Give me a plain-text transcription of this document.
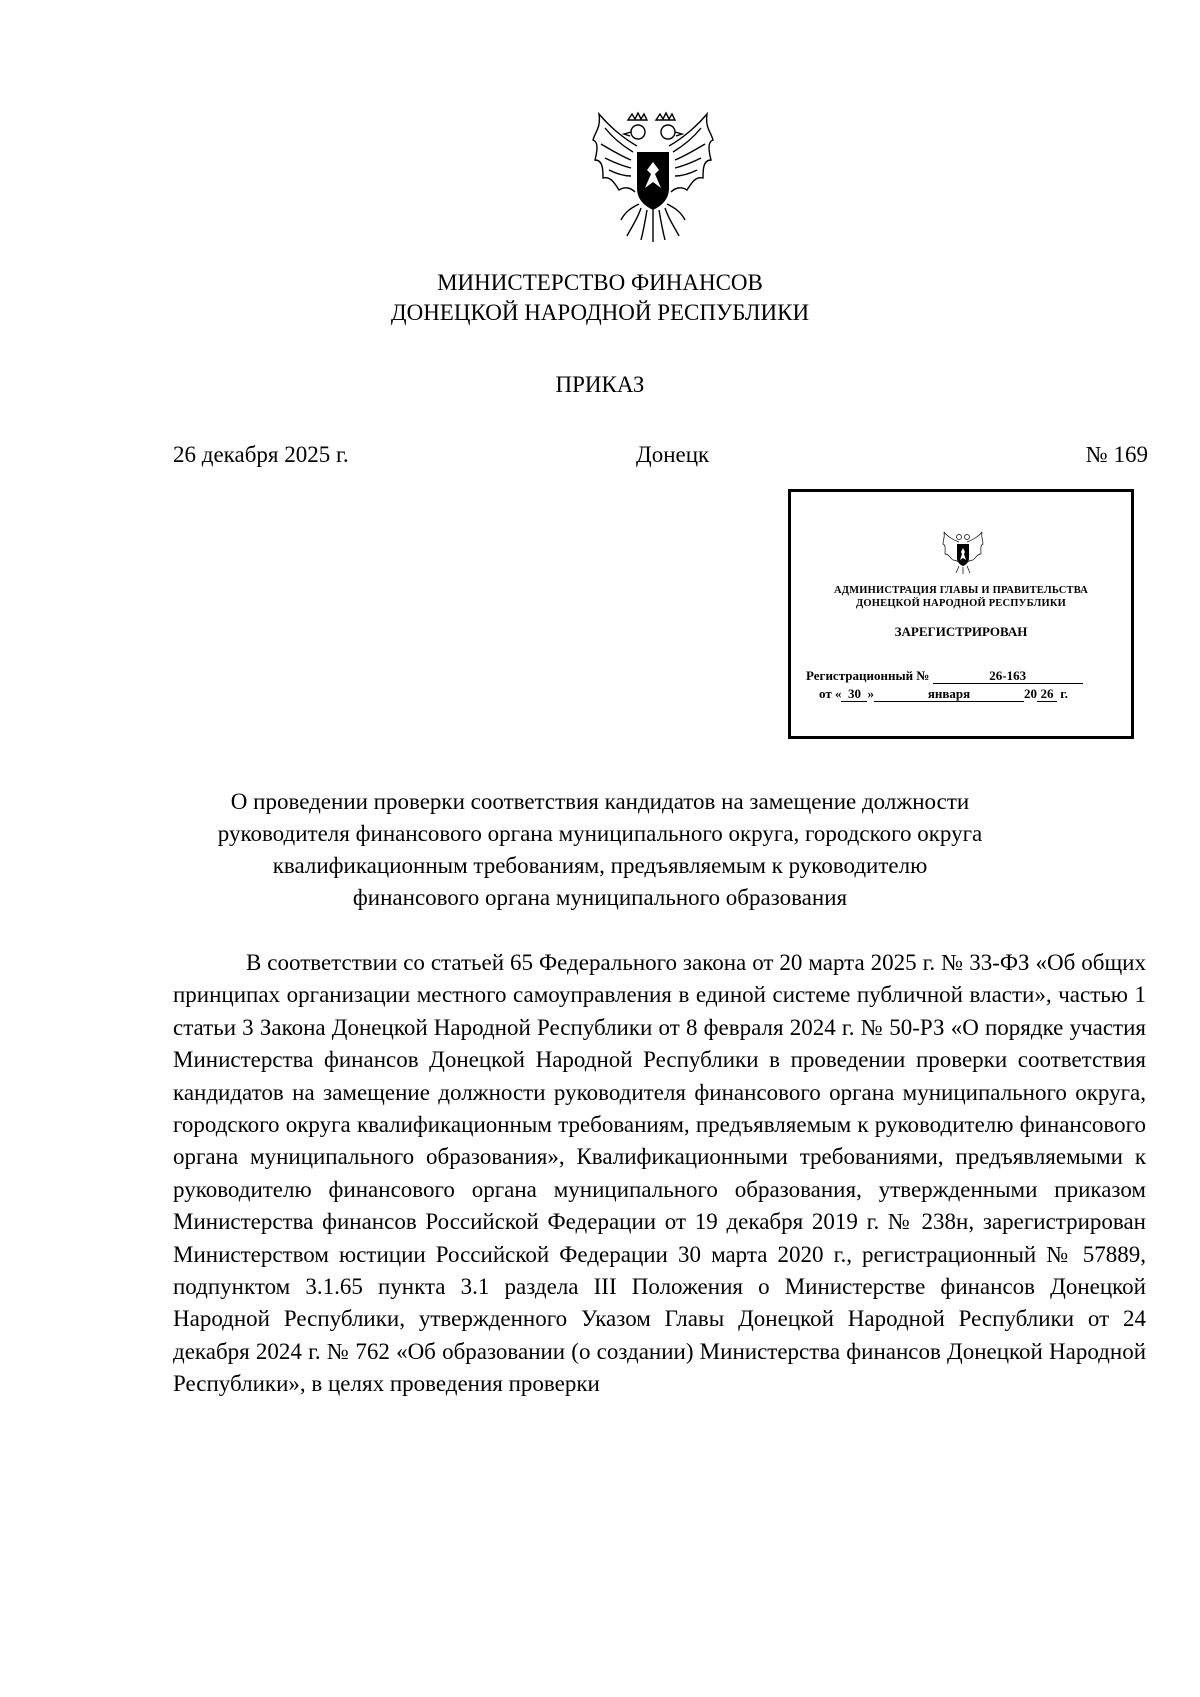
МИНИСТЕРСТВО ФИНАНСОВ
ДОНЕЦКОЙ НАРОДНОЙ РЕСПУБЛИКИ
ПРИКАЗ
26 декабря 2025 г.	Донецк	№ 169
АДМИНИСТРАЦИЯ ГЛАВЫ И ПРАВИТЕЛЬСТВА
ДОНЕЦКОЙ НАРОДНОЙ РЕСПУБЛИКИ
ЗАРЕГИСТРИРОВАН
Регистрационный №	26-163
от « 30 »	января	20 26 г.
О проведении проверки соответствия кандидатов на замещение должности
руководителя финансового органа муниципального округа, городского округа
квалификационным требованиям, предъявляемым к руководителю
финансового органа муниципального образования

В соответствии со статьей 65 Федерального закона от 20 марта 2025 г. № 33-ФЗ «Об общих принципах организации местного самоуправления в единой системе публичной власти», частью 1 статьи 3 Закона Донецкой Народной Республики от 8 февраля 2024 г. № 50-РЗ «О порядке участия Министерства финансов Донецкой Народной Республики в проведении проверки соответствия кандидатов на замещение должности руководителя финансового органа муниципального округа, городского округа квалификационным требованиям, предъявляемым к руководителю финансового органа муниципального образования», Квалификационными требованиями, предъявляемыми к руководителю финансового органа муниципального образования, утвержденными приказом Министерства финансов Российской Федерации от 19 декабря 2019 г. № 238н, зарегистрирован Министерством юстиции Российской Федерации 30 марта 2020 г., регистрационный № 57889, подпунктом 3.1.65 пункта 3.1 раздела III Положения о Министерстве финансов Донецкой Народной Республики, утвержденного Указом Главы Донецкой Народной Республики от 24 декабря 2024 г. № 762 «Об образовании (о создании) Министерства финансов Донецкой Народной Республики», в целях проведения проверки
